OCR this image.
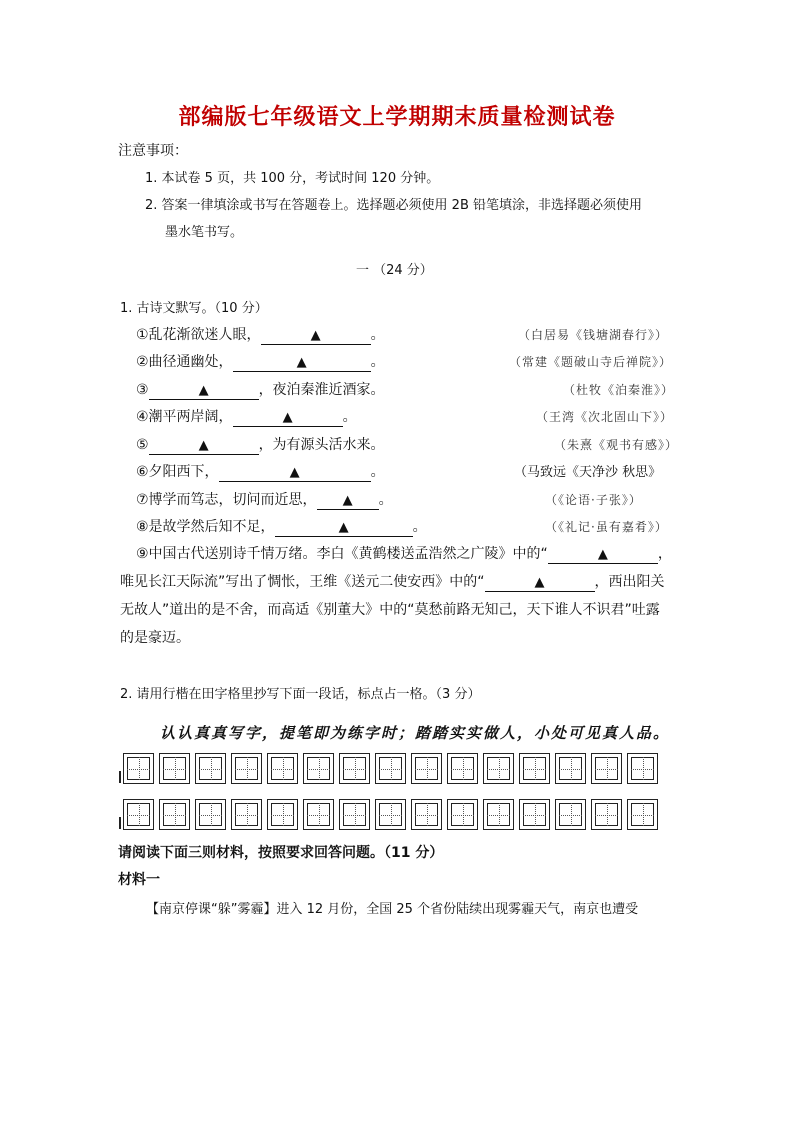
部编版七年级语文上学期期末质量检测试卷
注意事项：
1. 本试卷 5 页，共 100 分，考试时间 120 分钟。
2. 答案一律填涂或书写在答题卷上。选择题必须使用 2B 铅笔填涂，非选择题必须使用
墨水笔书写。
一 （24 分）
1. 古诗文默写。（10 分）
①乱花渐欲迷人眼，	▲	。	（白居易《钱塘湖春行》）
②曲径通幽处，	▲	。	（常建《题破山寺后禅院》）
③	▲	，夜泊秦淮近酒家。	（杜牧《泊秦淮》）
④潮平两岸阔，	▲	。	（王湾《次北固山下》）
⑤	▲	，为有源头活水来。	（朱熹《观书有感》）
⑥夕阳西下，	▲	。	（马致远《天净沙 秋思》
⑦博学而笃志，切问而近思， ▲ 。	（《论语·子张》）
⑧是故学然后知不足，	▲	。	（《礼记·虽有嘉肴》）
⑨中国古代送别诗千情万绪。李白《黄鹤楼送孟浩然之广陵》中的“	▲	，
唯见长江天际流”写出了惆怅，王维《送元二使安西》中的“	▲	，西出阳关
无故人”道出的是不舍，而高适《别董大》中的“莫愁前路无知己，天下谁人不识君”吐露
的是豪迈。
2. 请用行楷在田字格里抄写下面一段话，标点占一格。（3 分）
认认真真写字，提笔即为练字时；踏踏实实做人，小处可见真人品。
请阅读下面三则材料，按照要求回答问题。（11 分）
材料一
【南京停课“躲”雾霾】进入 12 月份，全国 25 个省份陆续出现雾霾天气，南京也遭受
